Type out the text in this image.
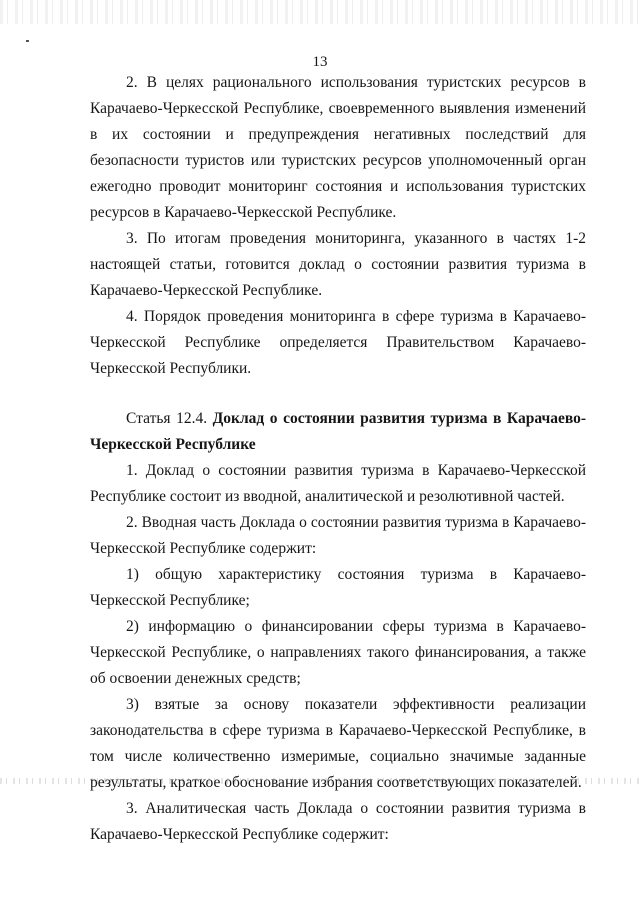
13

2. В целях рационального использования туристских ресурсов в Карачаево-Черкесской Республике, своевременного выявления изменений в их состоянии и предупреждения негативных последствий для безопасности туристов или туристских ресурсов уполномоченный орган ежегодно проводит мониторинг состояния и использования туристских ресурсов в Карачаево-Черкесской Республике.

3. По итогам проведения мониторинга, указанного в частях 1-2 настоящей статьи, готовится доклад о состоянии развития туризма в Карачаево-Черкесской Республике.

4. Порядок проведения мониторинга в сфере туризма в Карачаево-Черкесской Республике определяется Правительством Карачаево-Черкесской Республики.

Статья 12.4. Доклад о состоянии развития туризма в Карачаево-Черкесской Республике

1. Доклад о состоянии развития туризма в Карачаево-Черкесской Республике состоит из вводной, аналитической и резолютивной частей.

2. Вводная часть Доклада о состоянии развития туризма в Карачаево-Черкесской Республике содержит:

1) общую характеристику состояния туризма в Карачаево-Черкесской Республике;

2) информацию о финансировании сферы туризма в Карачаево-Черкесской Республике, о направлениях такого финансирования, а также об освоении денежных средств;

3) взятые за основу показатели эффективности реализации законодательства в сфере туризма в Карачаево-Черкесской Республике, в том числе количественно измеримые, социально значимые заданные результаты, краткое обоснование избрания соответствующих показателей.

3. Аналитическая часть Доклада о состоянии развития туризма в Карачаево-Черкесской Республике содержит:
